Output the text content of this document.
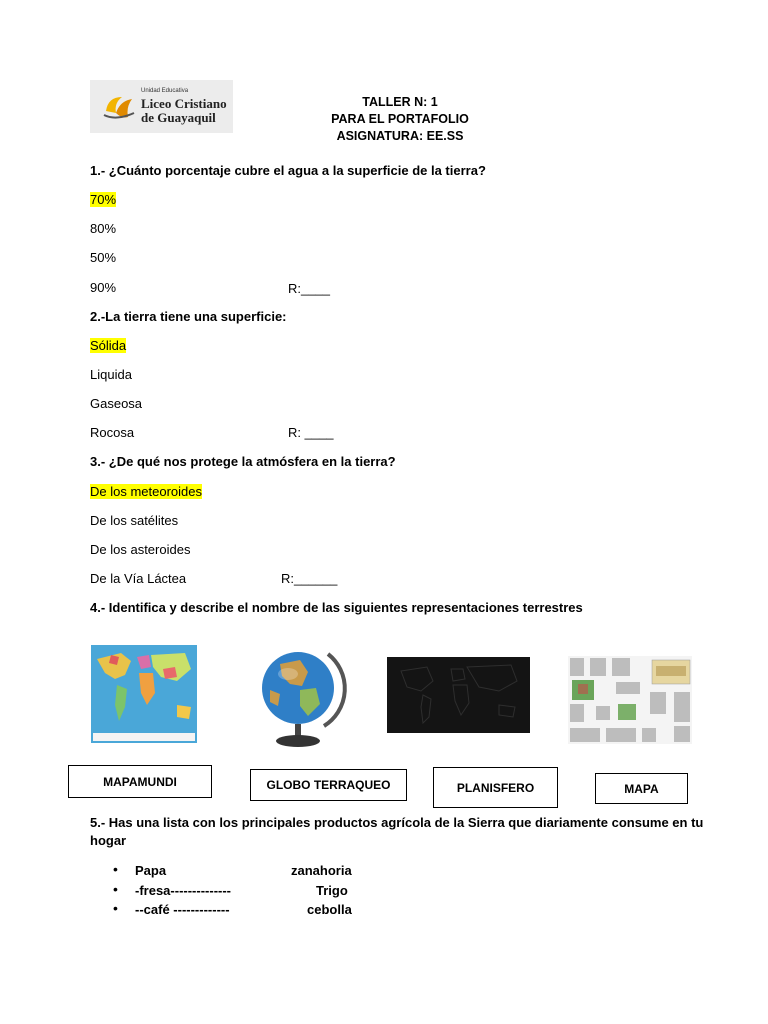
Unidad Educativa
Liceo Cristiano
de Guayaquil
TALLER N: 1
PARA EL PORTAFOLIO
ASIGNATURA: EE.SS
1.- ¿Cuánto porcentaje cubre el agua a la superficie de la tierra?
70%
80%
50%
90%	R:____
2.-La tierra tiene una superficie:
Sólida
Liquida
Gaseosa
Rocosa	R: ____
3.- ¿De qué nos protege la atmósfera en la tierra?
De los meteoroides
De los satélites
De los asteroides
De la Vía Láctea	R:______
4.- Identifica y describe el nombre de las siguientes representaciones terrestres
MAPAMUNDI	GLOBO TERRAQUEO	PLANISFERO	MAPA
5.- Has una lista con los principales productos agrícola de la Sierra que diariamente consume en tu
hogar
• Papa	zanahoria
• -fresa--------------	Trigo
• --café -------------	cebolla
